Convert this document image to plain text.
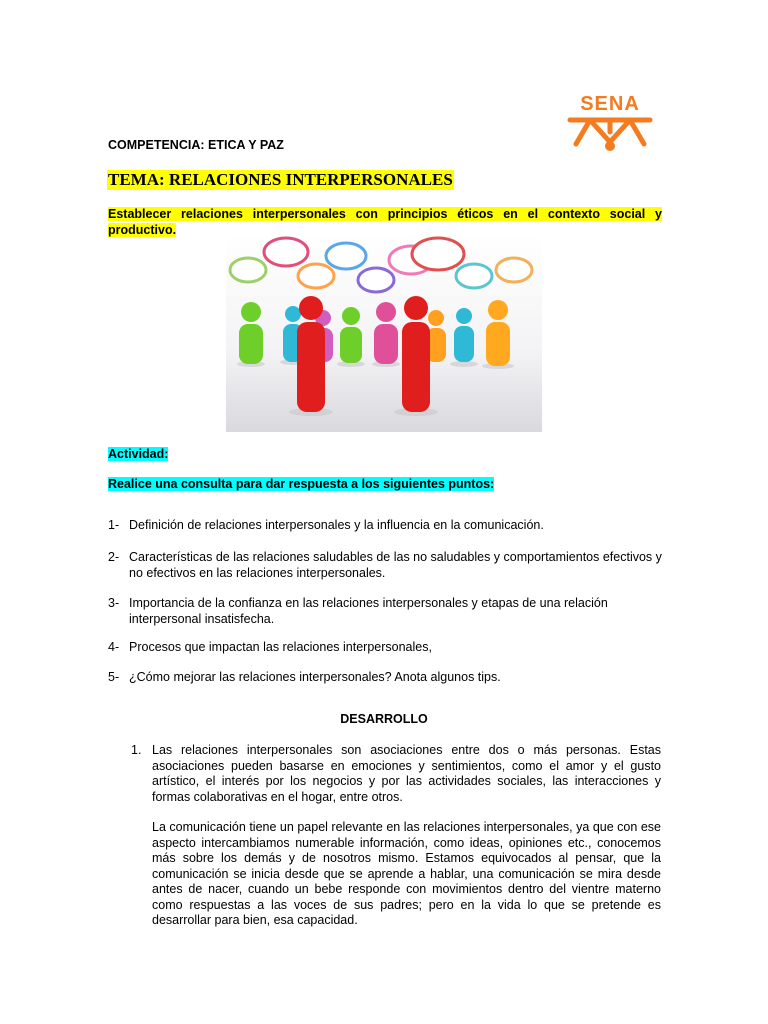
SENA
COMPETENCIA: ETICA Y PAZ
TEMA: RELACIONES INTERPERSONALES
Establecer relaciones interpersonales con principios éticos en el contexto social y productivo.
Actividad:
Realice una consulta para dar respuesta a los siguientes puntos:
1- Definición de relaciones interpersonales y la influencia en la comunicación.
2- Características de las relaciones saludables de las no saludables y comportamientos efectivos y no efectivos en las relaciones interpersonales.
3- Importancia de la confianza en las relaciones interpersonales y etapas de una relación interpersonal insatisfecha.
4- Procesos que impactan las relaciones interpersonales,
5- ¿Cómo mejorar las relaciones interpersonales? Anota algunos tips.
DESARROLLO
1. Las relaciones interpersonales son asociaciones entre dos o más personas. Estas asociaciones pueden basarse en emociones y sentimientos, como el amor y el gusto artístico, el interés por los negocios y por las actividades sociales, las interacciones y formas colaborativas en el hogar, entre otros.

La comunicación tiene un papel relevante en las relaciones interpersonales, ya que con ese aspecto intercambiamos numerable información, como ideas, opiniones etc., conocemos más sobre los demás y de nosotros mismo. Estamos equivocados al pensar, que la comunicación se inicia desde que se aprende a hablar, una comunicación se mira desde antes de nacer, cuando un bebe responde con movimientos dentro del vientre materno como respuestas a las voces de sus padres; pero en la vida lo que se pretende es desarrollar para bien, esa capacidad.
